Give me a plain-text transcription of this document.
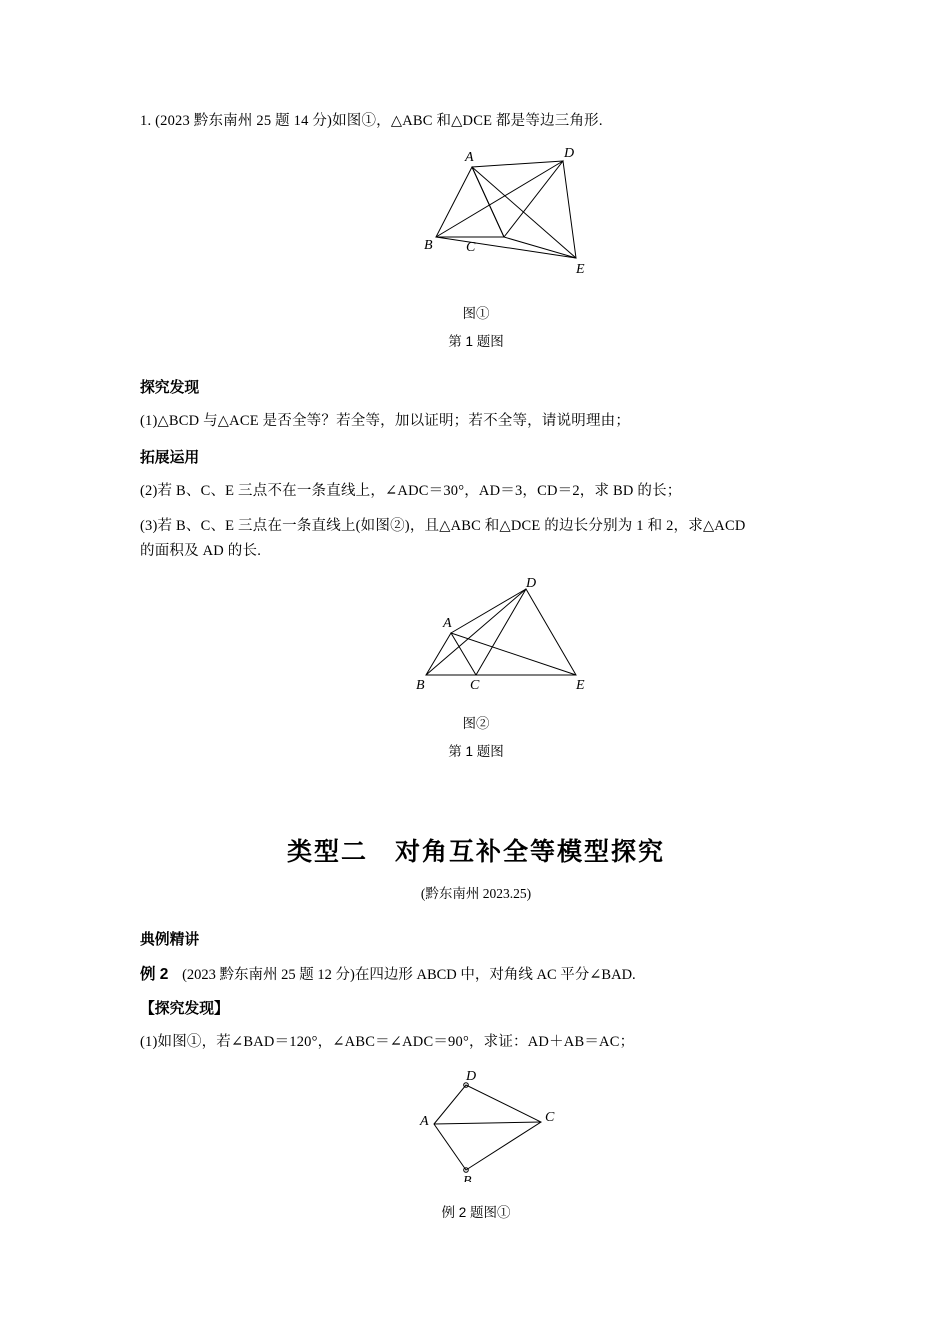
1. (2023 黔东南州 25 题 14 分)如图①，△ABC 和△DCE 都是等边三角形.

A
B C
D
E
图①
第 1 题图

探究发现

(1)△BCD 与△ACE 是否全等？若全等，加以证明；若不全等，请说明理由；

拓展运用

(2)若 B、C、E 三点不在一条直线上，∠ADC＝30°，AD＝3，CD＝2，求 BD 的长；

(3)若 B、C、E 三点在一条直线上(如图②)，且△ABC 和△DCE 的边长分别为 1 和 2，求△ACD

的面积及 AD 的长.

A
B	C
D
E
图②
第 1 题图
类型二　对角互补全等模型探究
(黔东南州 2023.25)

典例精讲

例 2 (2023 黔东南州 25 题 12 分)在四边形 ABCD 中，对角线 AC 平分∠BAD.

【探究发现】

(1)如图①，若∠BAD＝120°，∠ABC＝∠ADC＝90°，求证：AD＋AB＝AC；

D
A	C
B
例 2 题图①
